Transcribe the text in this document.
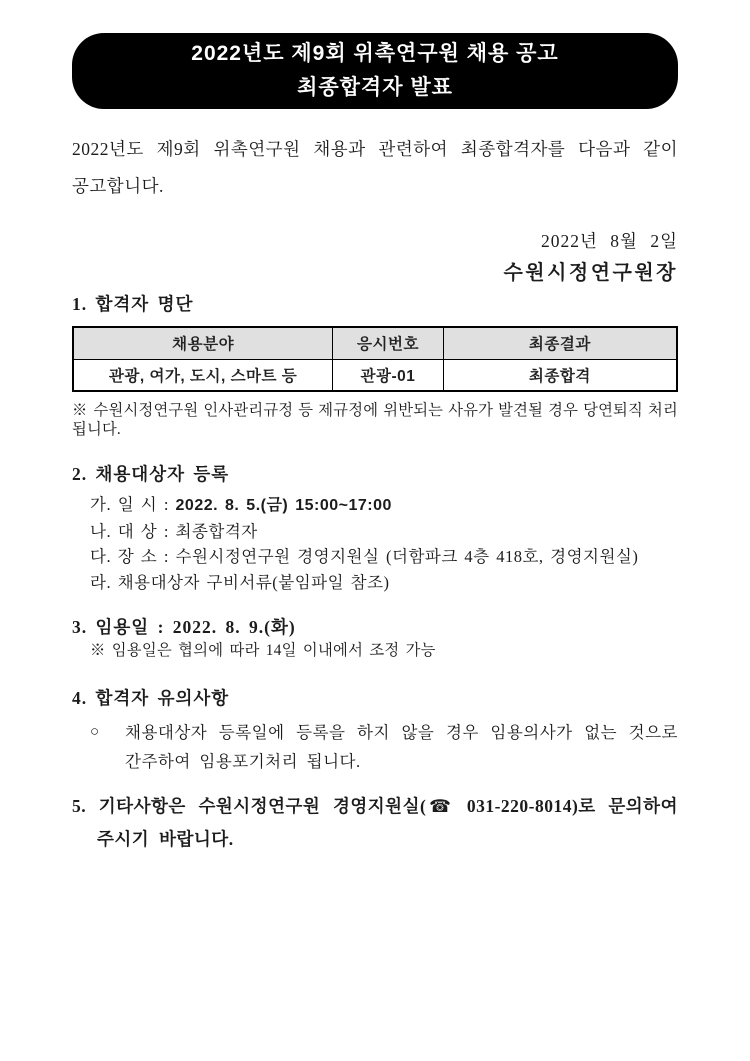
2022년도 제9회 위촉연구원 채용 공고
최종합격자 발표

2022년도 제9회 위촉연구원 채용과 관련하여 최종합격자를 다음과 같이 공고합니다.

2022년 8월 2일
수원시정연구원장
1. 합격자 명단
채용분야	응시번호	최종결과
관광, 여가, 도시, 스마트 등	관광-01	최종합격
※ 수원시정연구원 인사관리규정 등 제규정에 위반되는 사유가 발견될 경우 당연퇴직 처리됩니다.
2. 채용대상자 등록
가. 일 시 : 2022. 8. 5.(금) 15:00~17:00
나. 대 상 : 최종합격자
다. 장 소 : 수원시정연구원 경영지원실 (더함파크 4층 418호, 경영지원실)
라. 채용대상자 구비서류(붙임파일 참조)
3. 임용일 : 2022. 8. 9.(화)
※ 임용일은 협의에 따라 14일 이내에서 조정 가능
4. 합격자 유의사항
○ 채용대상자 등록일에 등록을 하지 않을 경우 임용의사가 없는 것으로 간주하여 임용포기처리 됩니다.

5. 기타사항은 수원시정연구원 경영지원실(☎ 031-220-8014)로 문의하여 주시기 바랍니다.
